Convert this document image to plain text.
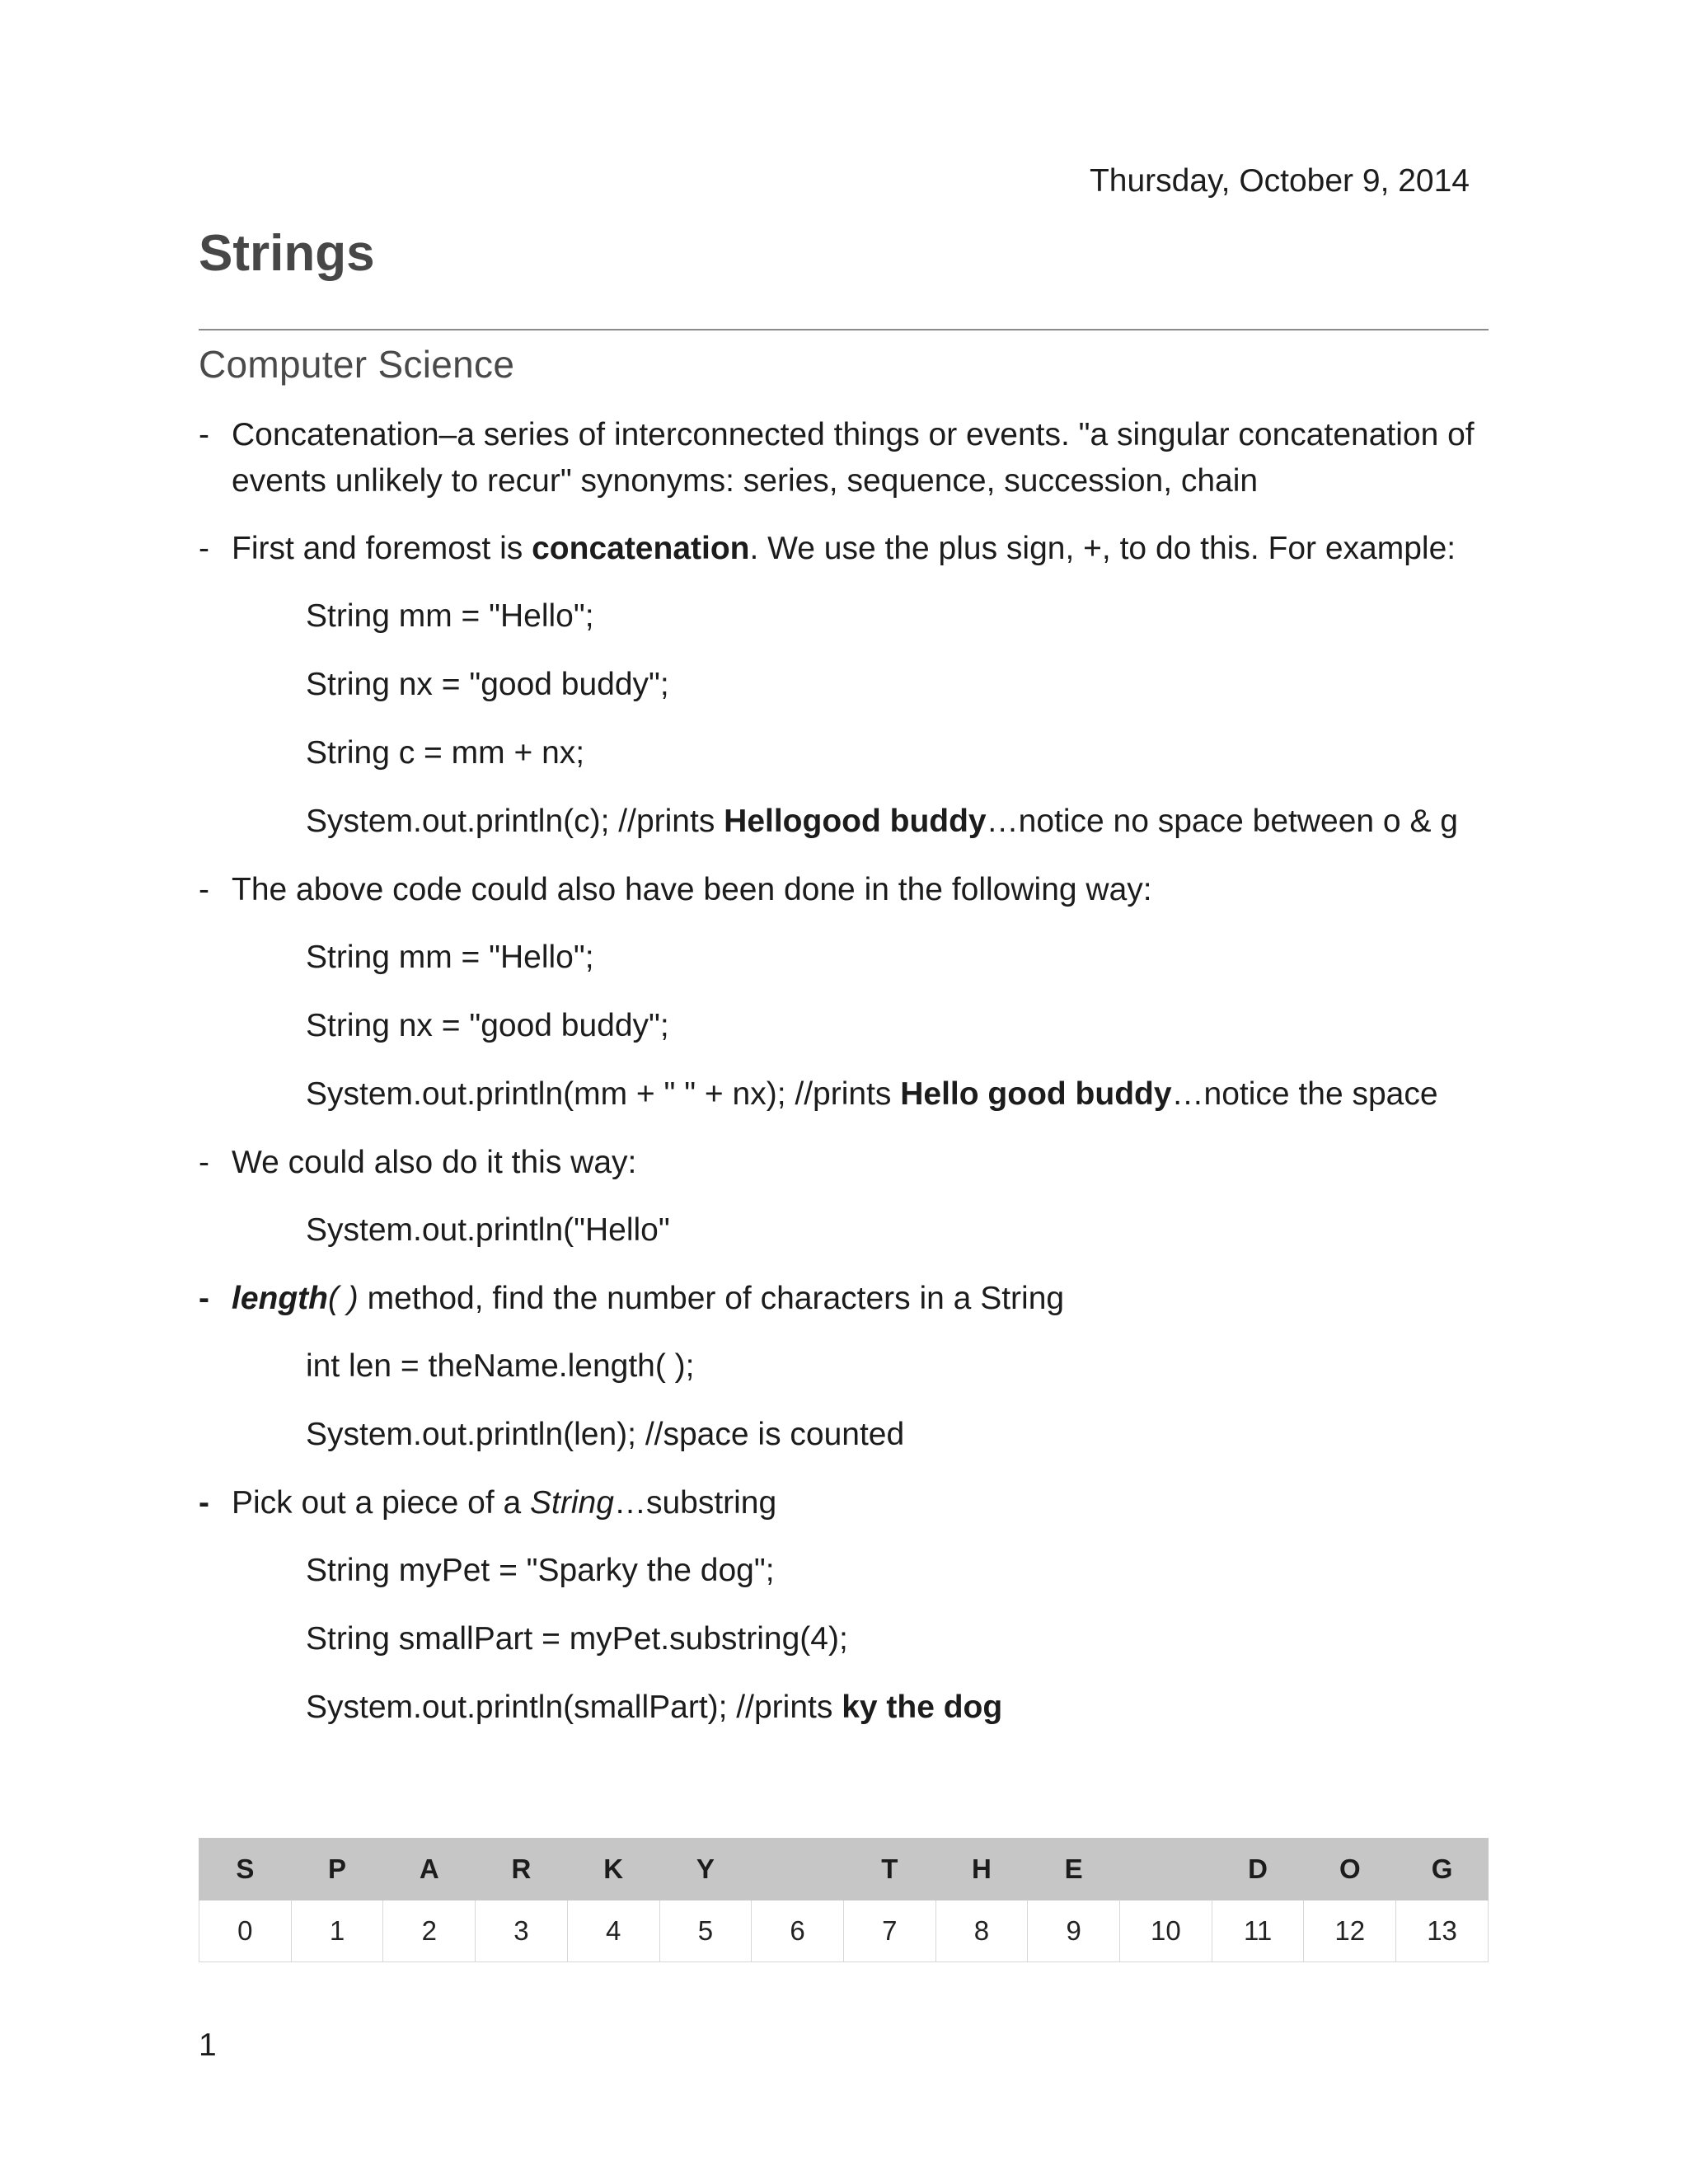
Thursday, October 9, 2014
Strings
Computer Science
- Concatenation–a series of interconnected things or events. "a singular concatenation of events unlikely to recur" synonyms: series, sequence, succession, chain
- First and foremost is concatenation. We use the plus sign, +, to do this. For example:
String mm = "Hello";
String nx = "good buddy";
String c = mm + nx;
System.out.println(c); //prints Hellogood buddy…notice no space between o & g
- The above code could also have been done in the following way:
String mm = "Hello";
String nx = "good buddy";
System.out.println(mm + " " + nx); //prints Hello good buddy…notice the space
- We could also do it this way:
System.out.println("Hello"
- length( ) method, find the number of characters in a String
int len = theName.length( );
System.out.println(len); //space is counted
- Pick out a piece of a String…substring
String myPet = "Sparky the dog";
String smallPart = myPet.substring(4);
System.out.println(smallPart); //prints ky the dog
S	P	A	R	K	Y		T	H	E		D	O	G
0	1	2	3	4	5	6	7	8	9	10	11	12	13
1
